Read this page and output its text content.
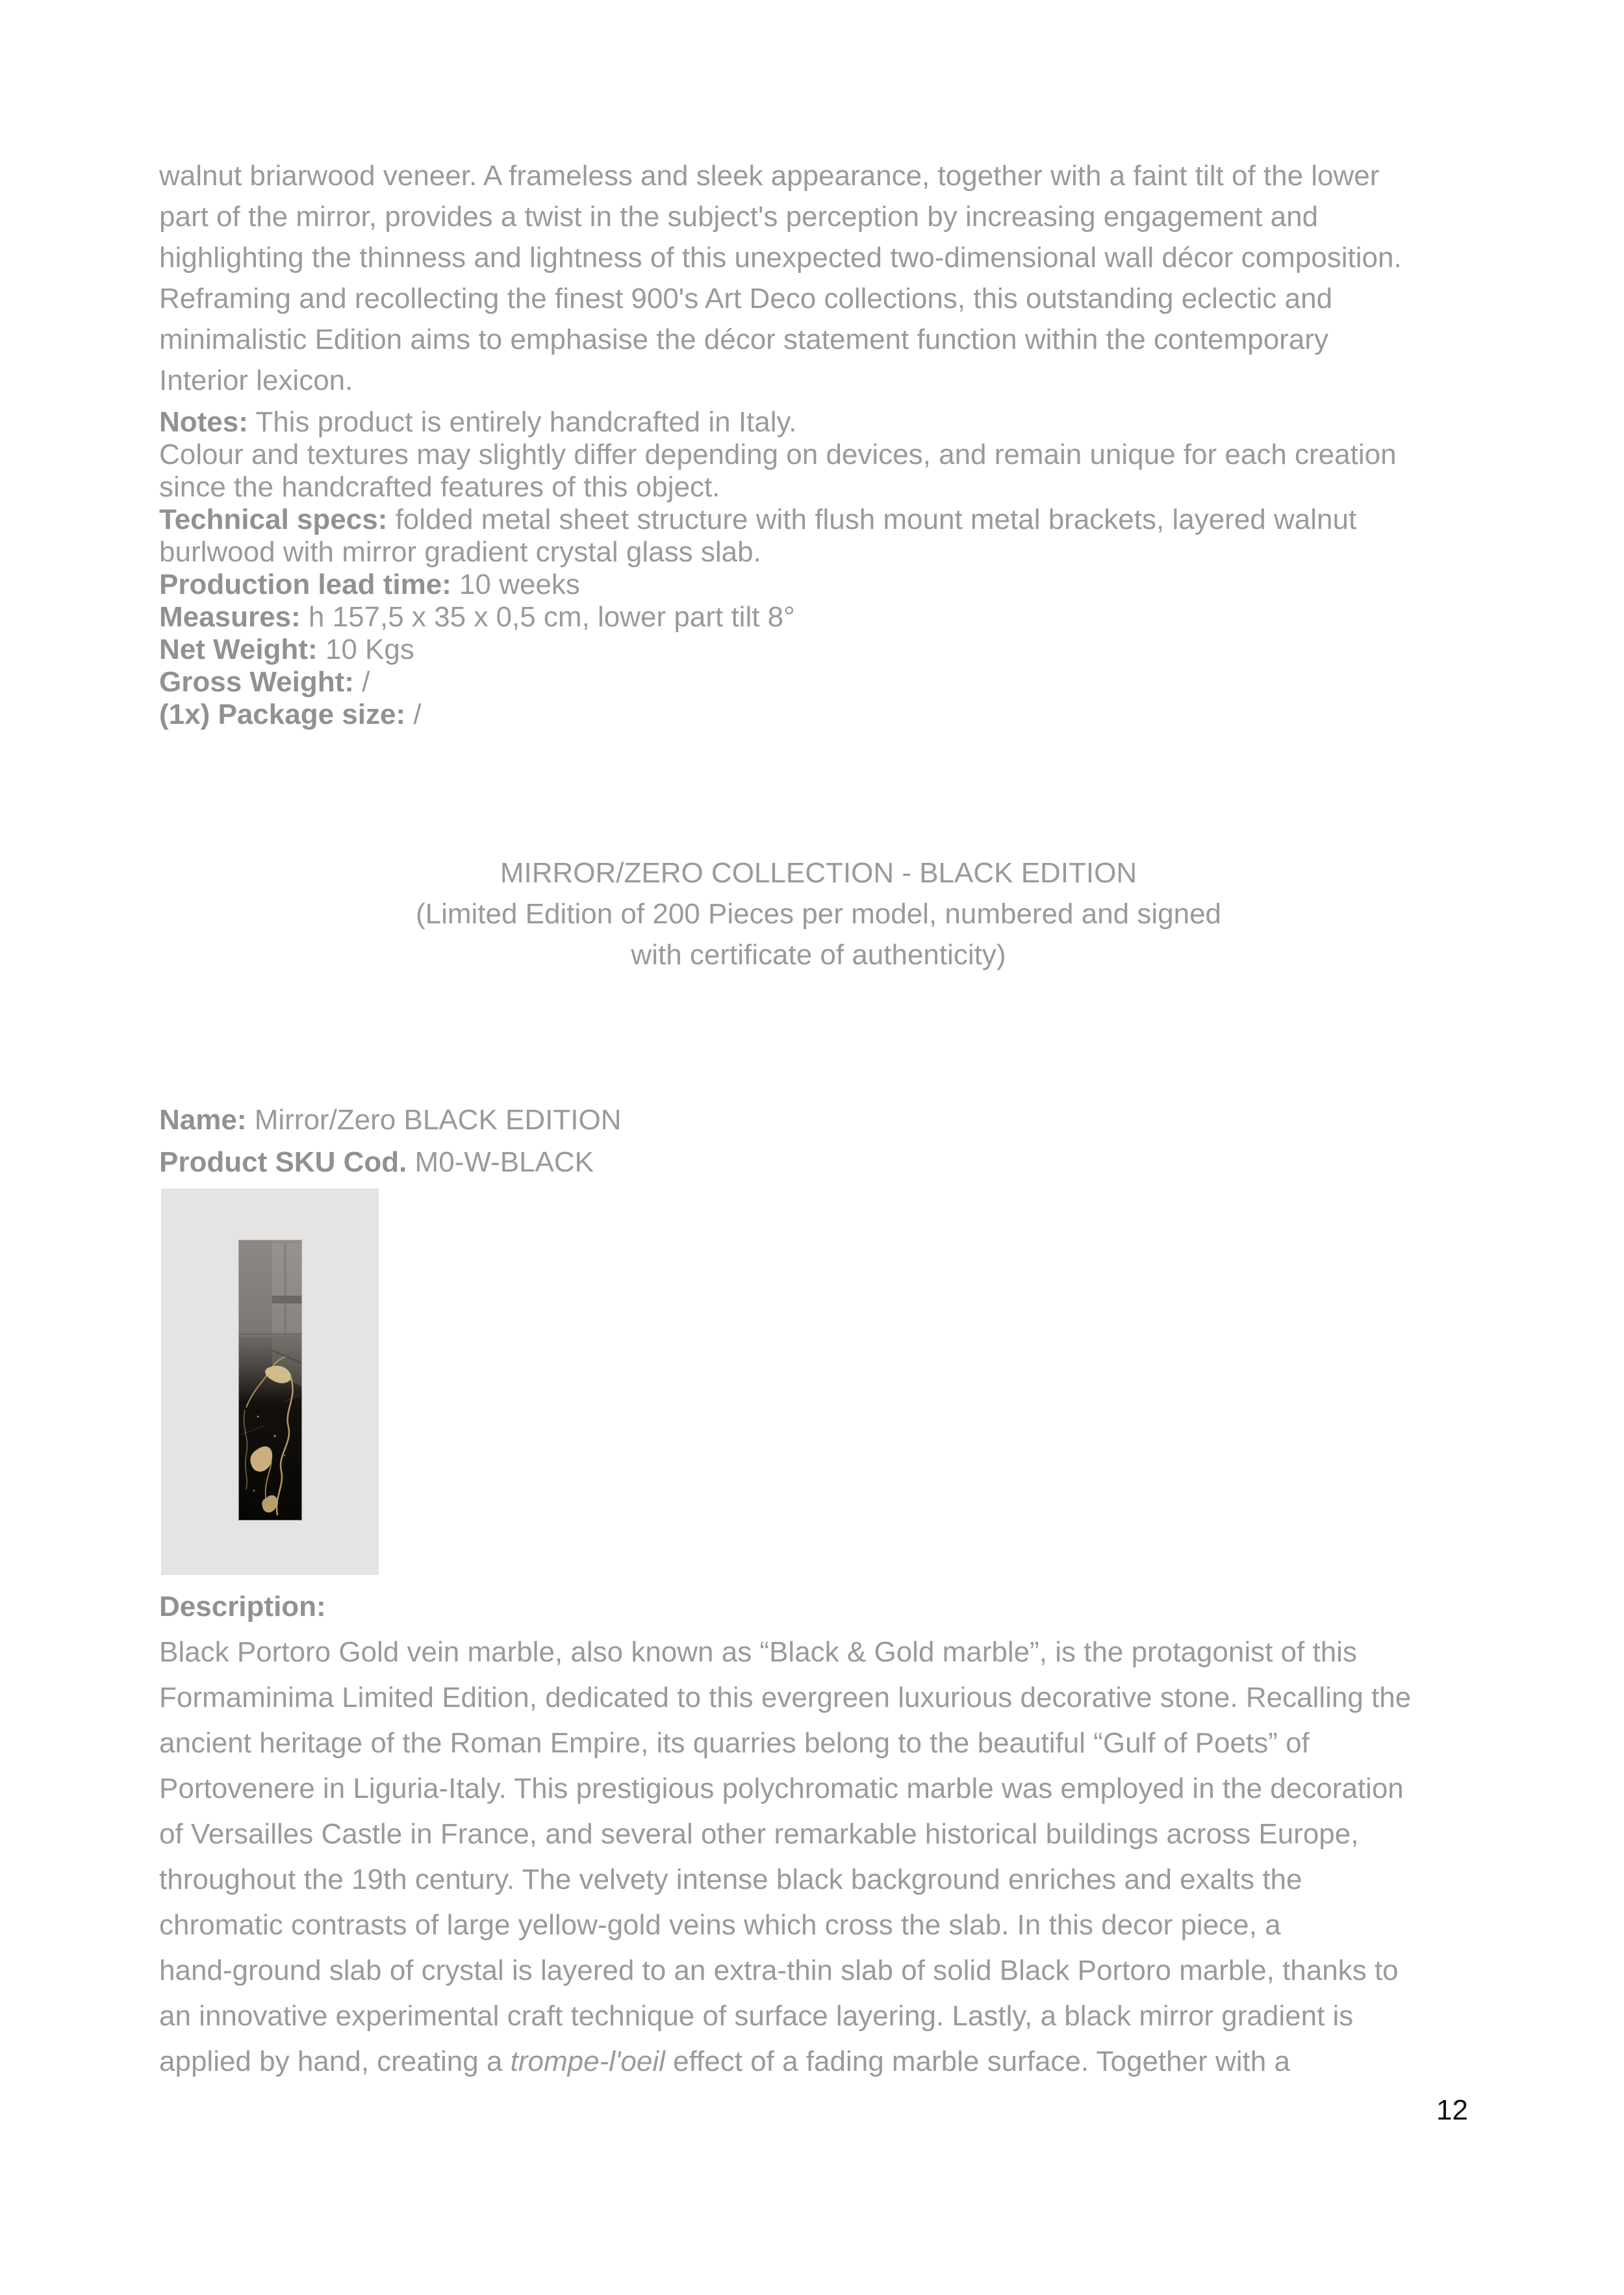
walnut briarwood veneer. A frameless and sleek appearance, together with a faint tilt of the lower
part of the mirror, provides a twist in the subject's perception by increasing engagement and
highlighting the thinness and lightness of this unexpected two-dimensional wall décor composition.
Reframing and recollecting the finest 900's Art Deco collections, this outstanding eclectic and
minimalistic Edition aims to emphasise the décor statement function within the contemporary
Interior lexicon.
Notes: This product is entirely handcrafted in Italy.
Colour and textures may slightly differ depending on devices, and remain unique for each creation
since the handcrafted features of this object.
Technical specs: folded metal sheet structure with flush mount metal brackets, layered walnut
burlwood with mirror gradient crystal glass slab.
Production lead time: 10 weeks
Measures: h 157,5 x 35 x 0,5 cm, lower part tilt 8°
Net Weight: 10 Kgs
Gross Weight: /
(1x) Package size: /
MIRROR/ZERO COLLECTION - BLACK EDITION
(Limited Edition of 200 Pieces per model, numbered and signed
with certificate of authenticity)
Name: Mirror/Zero BLACK EDITION
Product SKU Cod. M0-W-BLACK
Description:
Black Portoro Gold vein marble, also known as “Black & Gold marble”, is the protagonist of this
Formaminima Limited Edition, dedicated to this evergreen luxurious decorative stone. Recalling the
ancient heritage of the Roman Empire, its quarries belong to the beautiful “Gulf of Poets” of
Portovenere in Liguria-Italy. This prestigious polychromatic marble was employed in the decoration
of Versailles Castle in France, and several other remarkable historical buildings across Europe,
throughout the 19th century. The velvety intense black background enriches and exalts the
chromatic contrasts of large yellow-gold veins which cross the slab. In this decor piece, a
hand-ground slab of crystal is layered to an extra-thin slab of solid Black Portoro marble, thanks to
an innovative experimental craft technique of surface layering. Lastly, a black mirror gradient is
applied by hand, creating a trompe-l'oeil effect of a fading marble surface. Together with a
12
